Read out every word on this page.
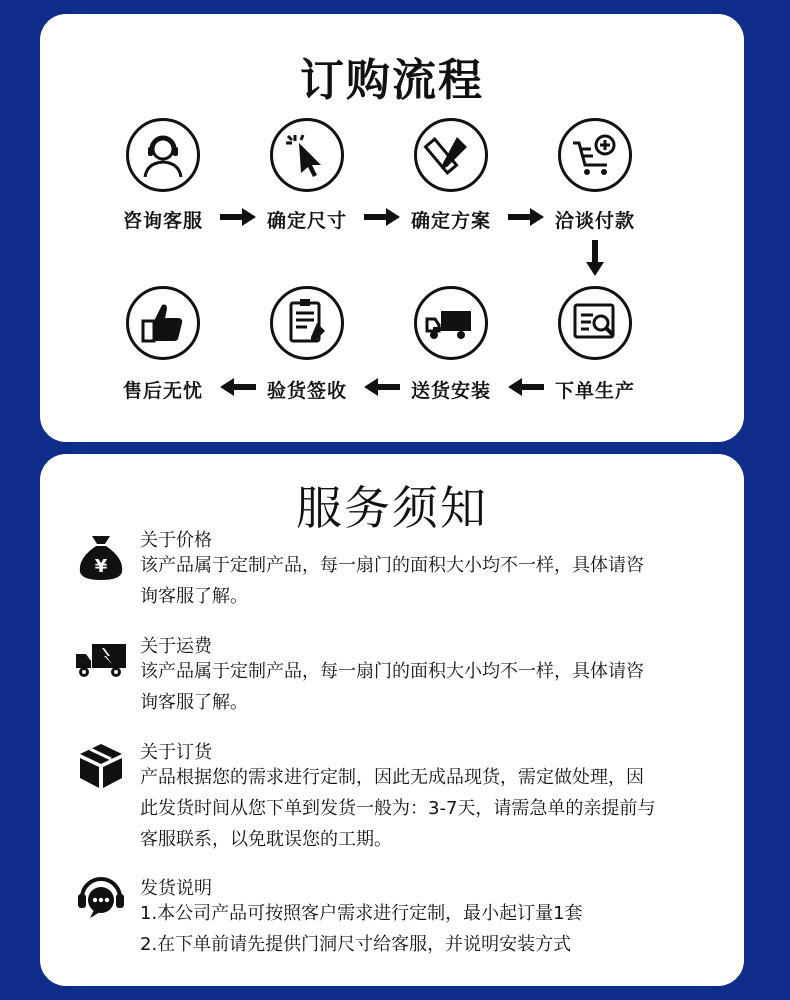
订购流程
咨询客服	确定尺寸	确定方案	洽谈付款
售后无忧	验货签收	送货安装	下单生产
服务须知
¥
关于价格
该产品属于定制产品，每一扇门的面积大小均不一样，具体请咨
询客服了解。
关于运费
该产品属于定制产品，每一扇门的面积大小均不一样，具体请咨
询客服了解。
关于订货
产品根据您的需求进行定制，因此无成品现货，需定做处理，因
此发货时间从您下单到发货一般为：3-7天，请需急单的亲提前与
客服联系，以免耽误您的工期。
发货说明
1.本公司产品可按照客户需求进行定制，最小起订量1套
2.在下单前请先提供门洞尺寸给客服，并说明安装方式
